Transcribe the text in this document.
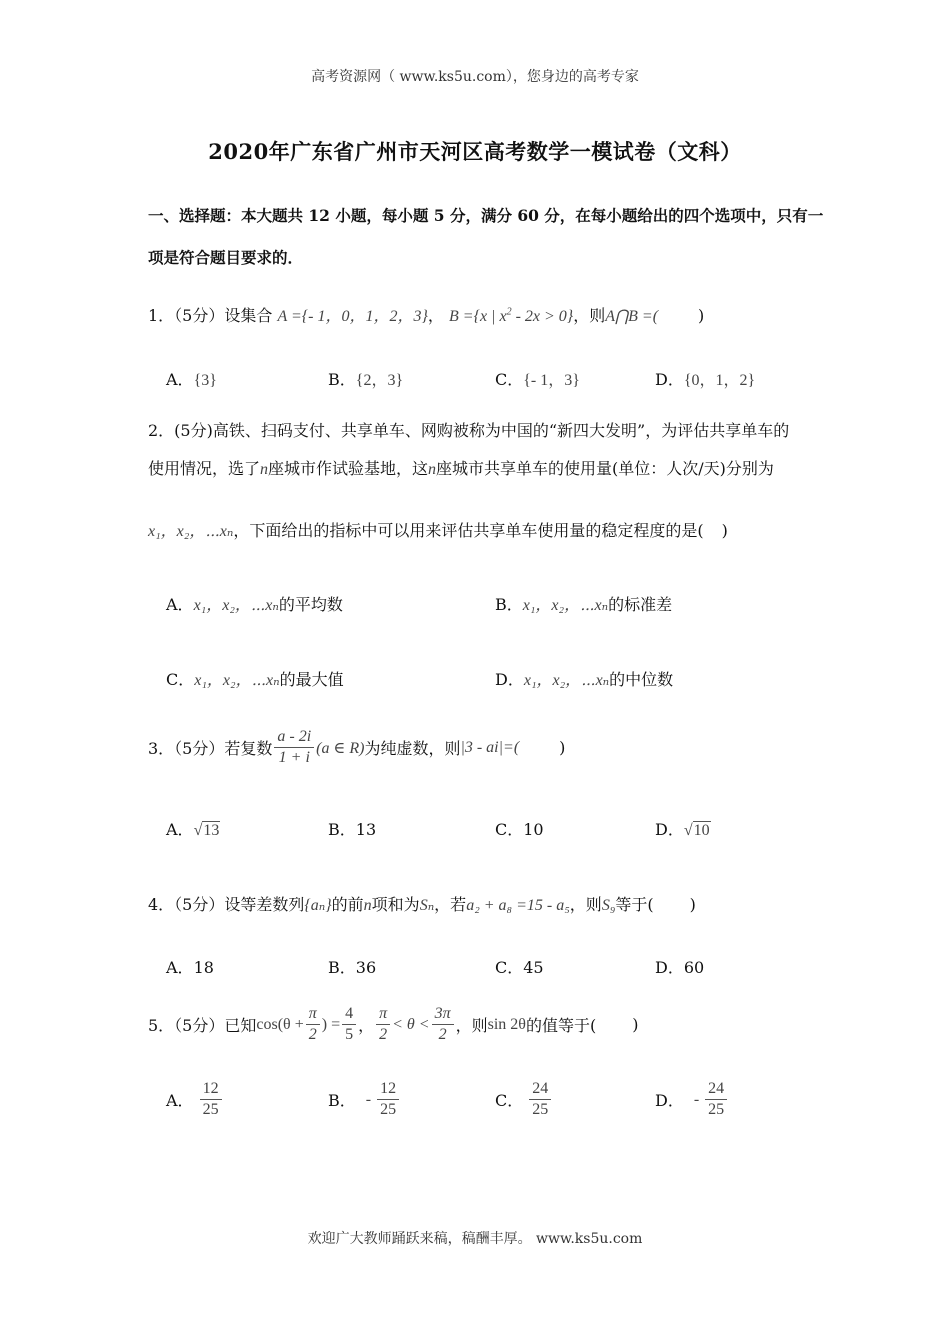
高考资源网（ www.ks5u.com），您身边的高考专家
2020年广东省广州市天河区高考数学一模试卷（文科）
一、选择题：本大题共 12 小题，每小题 5 分，满分 60 分，在每小题给出的四个选项中，只有一
项是符合题目要求的．
1．（5分）设集合 A ={- 1，0，1，2，3}， B ={x | $x^2 - 2x > 0$}，则A⋂B =(	)
A．{3}	B．{2，3}	C．{- 1，3}	D．{0，1，2}
2．(5分)高铁、扫码支付、共享单车、网购被称为中国的“新四大发明”，为评估共享单车的
使用情况，选了n座城市作试验基地，这n座城市共享单车的使用量(单位：人次/天)分别为
x₁，x₂，⋯xₙ，下面给出的指标中可以用来评估共享单车使用量的稳定程度的是( )
A．x₁，x₂，⋯xₙ的平均数	B．x₁，x₂，⋯xₙ的标准差
C．x₁，x₂，⋯xₙ的最大值	D．x₁，x₂，⋯xₙ的中位数
3．（5分）若复数 $\frac{a - 2i}{1 + i} (a$ ∈ R) 为纯虚数，则 |3 - ai|=(	)
A．√13	B．13	C．10	D．√10
4．（5分）设等差数列{aₙ}的前n项和为Sₙ，若a₂ + a₈ =15 - a₅，则S₉等于( )
A．18	B．36	C．45	D．60
5．（5分）已知 $\cos(\theta + \frac{\pi}{2}$ ) = $\frac{4}{5}$ ， $\frac{\pi}{2} < \theta < \frac{3\pi}{2}$ ，则 sin 2θ 的值等于( )
A． $\frac{12}{25}$	B． - $\frac{12}{25}$	C． $\frac{24}{25}$	D． - $\frac{24}{25}$
欢迎广大教师踊跃来稿，稿酬丰厚。 www.ks5u.com
